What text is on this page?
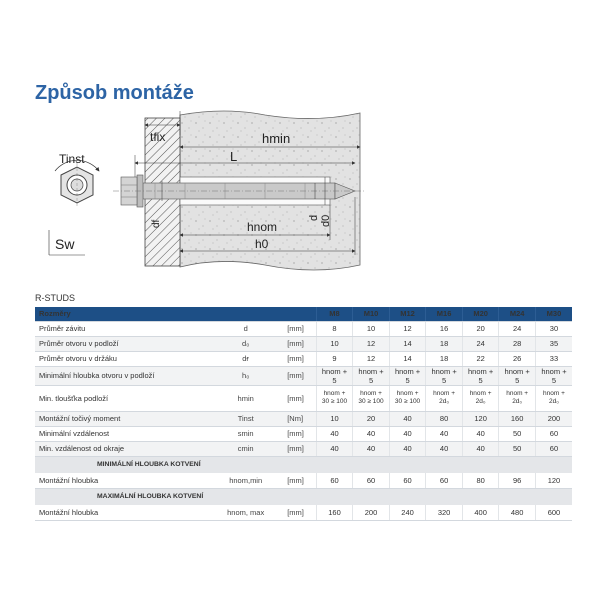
Způsob montáže
tfix	hmin
L
hnom
h0
d d0
df
Tinst
Sw
R-STUDS
Rozměry			M8	M10	M12	M16	M20	M24	M30
Průměr závitu	d	[mm]	8	10	12	16	20	24	30
Průměr otvoru v podloží	d₀	[mm]	10	12	14	18	24	28	35
Průměr otvoru v držáku	dғ	[mm]	9	12	14	18	22	26	33
Minimální hloubka otvoru v podloží	h₀	[mm]	hnom + 5	hnom + 5	hnom + 5	hnom + 5	hnom + 5	hnom + 5	hnom + 5
Min. tloušťka podloží	hmin	[mm]	hnom + 30 ≥ 100	hnom + 30 ≥ 100	hnom + 30 ≥ 100	hnom + 2d₀	hnom + 2d₀	hnom + 2d₀	hnom + 2d₀
Montážní točivý moment	Tinst	[Nm]	10	20	40	80	120	160	200
Minimální vzdálenost	smin	[mm]	40	40	40	40	40	50	60
Min. vzdálenost od okraje	cmin	[mm]	40	40	40	40	40	50	60
MINIMÁLNÍ HLOUBKA KOTVENÍ									
Montážní hloubka	hnom,min	[mm]	60	60	60	60	80	96	120
MAXIMÁLNÍ HLOUBKA KOTVENÍ									
Montážní hloubka	hnom, max	[mm]	160	200	240	320	400	480	600
